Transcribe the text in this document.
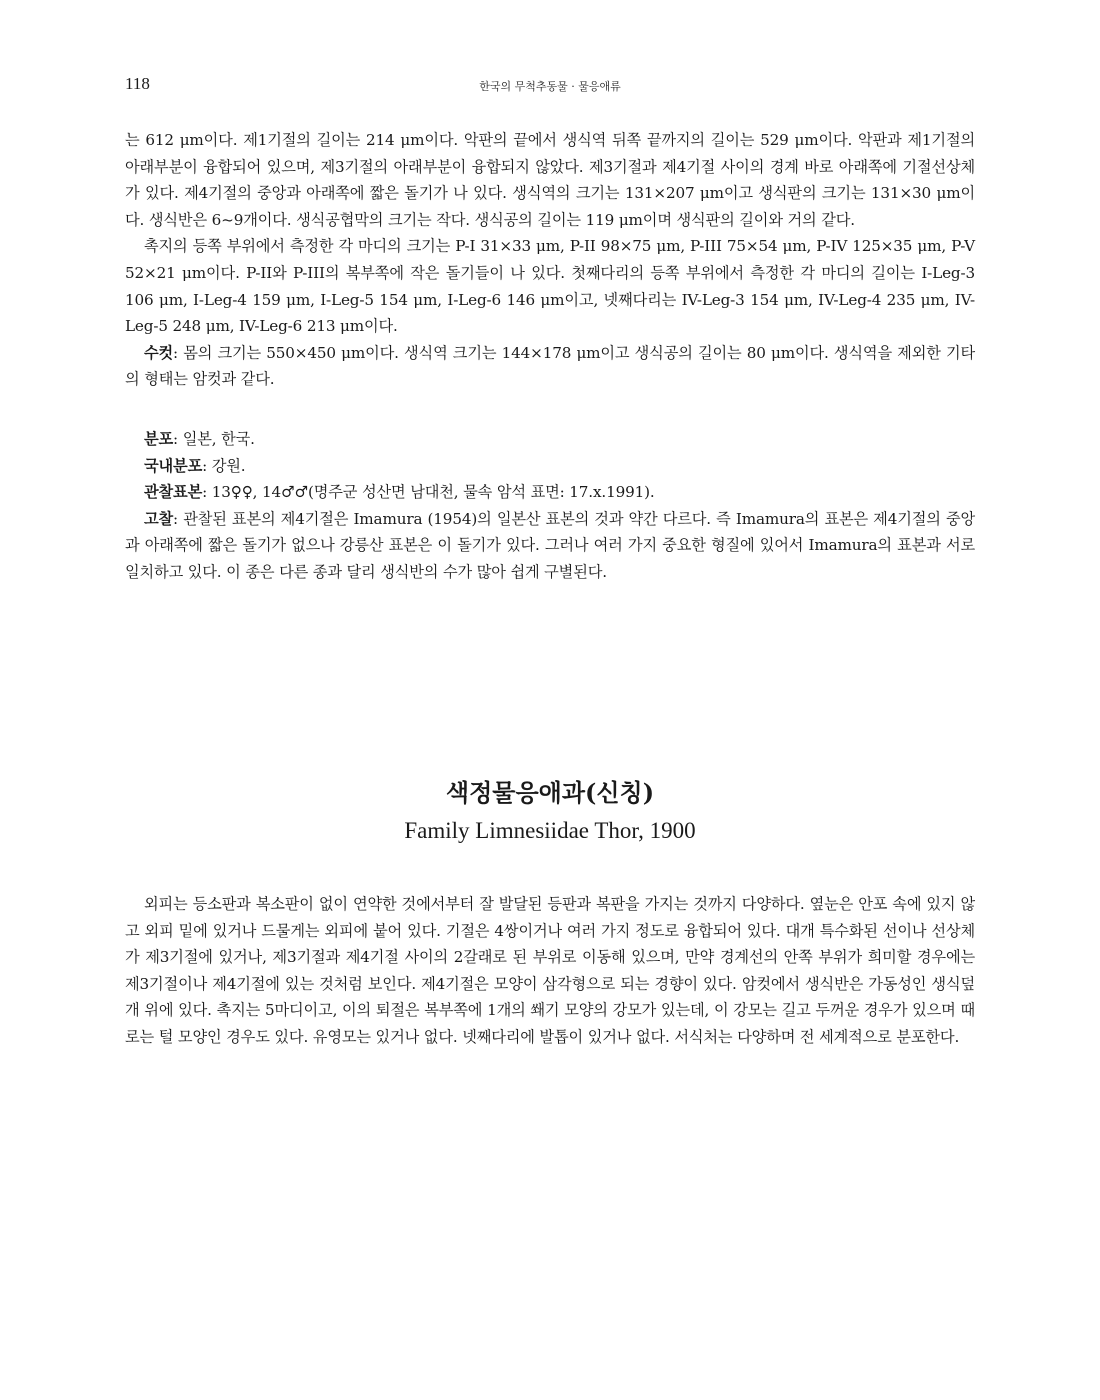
118	한국의 무척추동물 · 물응애류

는 612 μm이다. 제1기절의 길이는 214 μm이다. 악판의 끝에서 생식역 뒤쪽 끝까지의 길이는 529 μm이다. 악판과 제1기절의 아래부분이 융합되어 있으며, 제3기절의 아래부분이 융합되지 않았다. 제3기절과 제4기절 사이의 경계 바로 아래쪽에 기절선상체가 있다. 제4기절의 중앙과 아래쪽에 짧은 돌기가 나 있다. 생식역의 크기는 131×207 μm이고 생식판의 크기는 131×30 μm이다. 생식반은 6~9개이다. 생식공협막의 크기는 작다. 생식공의 길이는 119 μm이며 생식판의 길이와 거의 같다.

촉지의 등쪽 부위에서 측정한 각 마디의 크기는 P-I 31×33 μm, P-II 98×75 μm, P-III 75×54 μm, P-IV 125×35 μm, P-V 52×21 μm이다. P-II와 P-III의 복부쪽에 작은 돌기들이 나 있다. 첫째다리의 등쪽 부위에서 측정한 각 마디의 길이는 I-Leg-3 106 μm, I-Leg-4 159 μm, I-Leg-5 154 μm, I-Leg-6 146 μm이고, 넷째다리는 IV-Leg-3 154 μm, IV-Leg-4 235 μm, IV-Leg-5 248 μm, IV-Leg-6 213 μm이다.

수컷: 몸의 크기는 550×450 μm이다. 생식역 크기는 144×178 μm이고 생식공의 길이는 80 μm이다. 생식역을 제외한 기타의 형태는 암컷과 같다.

분포: 일본, 한국.

국내분포: 강원.

관찰표본: 13♀♀, 14♂♂(명주군 성산면 남대천, 물속 암석 표면: 17.x.1991).

고찰: 관찰된 표본의 제4기절은 Imamura (1954)의 일본산 표본의 것과 약간 다르다. 즉 Imamura의 표본은 제4기절의 중앙과 아래쪽에 짧은 돌기가 없으나 강릉산 표본은 이 돌기가 있다. 그러나 여러 가지 중요한 형질에 있어서 Imamura의 표본과 서로 일치하고 있다. 이 종은 다른 종과 달리 생식반의 수가 많아 쉽게 구별된다.

색정물응애과(신칭)
Family Limnesiidae Thor, 1900

외피는 등소판과 복소판이 없이 연약한 것에서부터 잘 발달된 등판과 복판을 가지는 것까지 다양하다. 옆눈은 안포 속에 있지 않고 외피 밑에 있거나 드물게는 외피에 붙어 있다. 기절은 4쌍이거나 여러 가지 정도로 융합되어 있다. 대개 특수화된 선이나 선상체가 제3기절에 있거나, 제3기절과 제4기절 사이의 2갈래로 된 부위로 이동해 있으며, 만약 경계선의 안쪽 부위가 희미할 경우에는 제3기절이나 제4기절에 있는 것처럼 보인다. 제4기절은 모양이 삼각형으로 되는 경향이 있다. 암컷에서 생식반은 가동성인 생식덮개 위에 있다. 촉지는 5마디이고, 이의 퇴절은 복부쪽에 1개의 쐐기 모양의 강모가 있는데, 이 강모는 길고 두꺼운 경우가 있으며 때로는 털 모양인 경우도 있다. 유영모는 있거나 없다. 넷째다리에 발톱이 있거나 없다. 서식처는 다양하며 전 세계적으로 분포한다.
